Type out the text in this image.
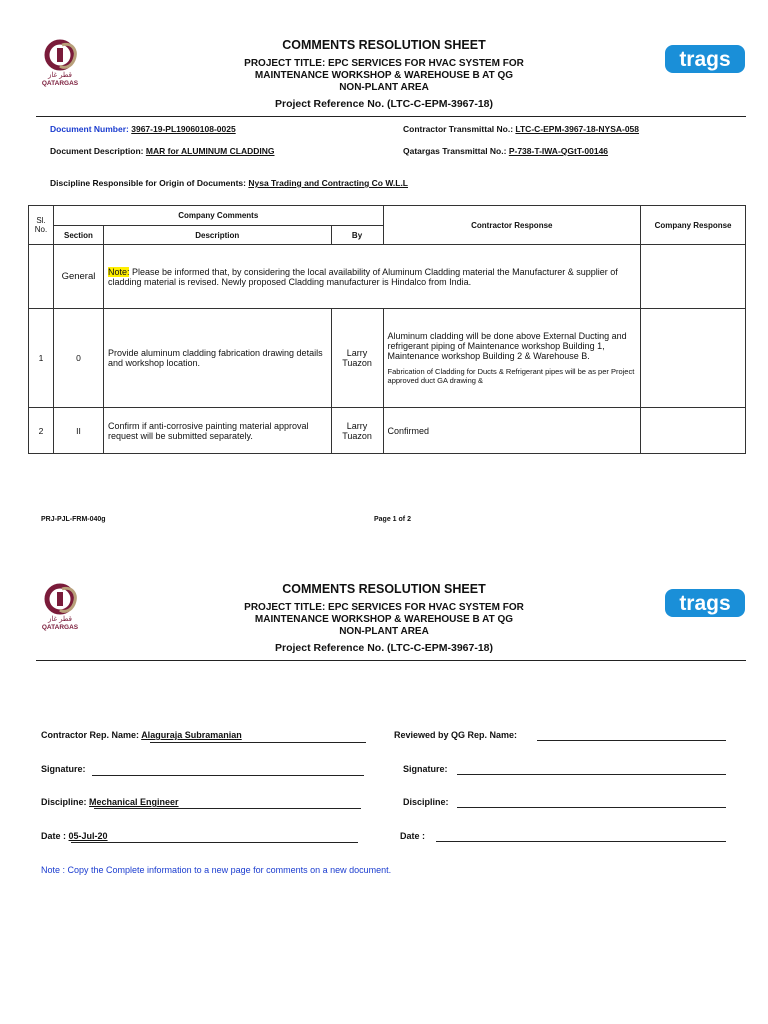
قطر غاز
QATARGAS
trags
COMMENTS RESOLUTION SHEET
PROJECT TITLE: EPC SERVICES FOR HVAC SYSTEM FOR
MAINTENANCE WORKSHOP & WAREHOUSE B AT QG
NON-PLANT AREA
Project Reference No. (LTC-C-EPM-3967-18)
Document Number: 3967-19-PL19060108-0025	Contractor Transmittal No.: LTC-C-EPM-3967-18-NYSA-058
Document Description: MAR for ALUMINUM CLADDING	Qatargas Transmittal No.: P-738-T-IWA-QGtT-00146
Discipline Responsible for Origin of Documents: Nysa Trading and Contracting Co W.L.L
Sl. No.	Company Comments			Contractor Response	Company Response
	Section	Description	By		
	General	Note: Please be informed that, by considering the local availability of Aluminum Cladding material the Manufacturer & supplier of cladding material is revised. Newly proposed Cladding manufacturer is Hindalco from India.			
1	0	Provide aluminum cladding fabrication drawing details and workshop location.	Larry Tuazon	Aluminum cladding will be done above External Ducting and refrigerant piping of Maintenance workshop Building 1, Maintenance workshop Building 2 & Warehouse B.
Fabrication of Cladding for Ducts & Refrigerant pipes will be as per Project approved duct GA drawing &	

2	II	Confirm if anti-corrosive painting material approval request will be submitted separately.	Larry Tuazon	Confirmed	
PRJ-PJL-FRM-040g	Page 1 of 2
قطر غاز
QATARGAS
trags
COMMENTS RESOLUTION SHEET
PROJECT TITLE: EPC SERVICES FOR HVAC SYSTEM FOR
MAINTENANCE WORKSHOP & WAREHOUSE B AT QG
NON-PLANT AREA
Project Reference No. (LTC-C-EPM-3967-18)
Contractor Rep. Name: Alaguraja Subramanian	Reviewed by QG Rep. Name:
Signature:	Signature:
Discipline: Mechanical Engineer	Discipline:
Date : 05-Jul-20	Date :
Note : Copy the Complete information to a new page for comments on a new document.
